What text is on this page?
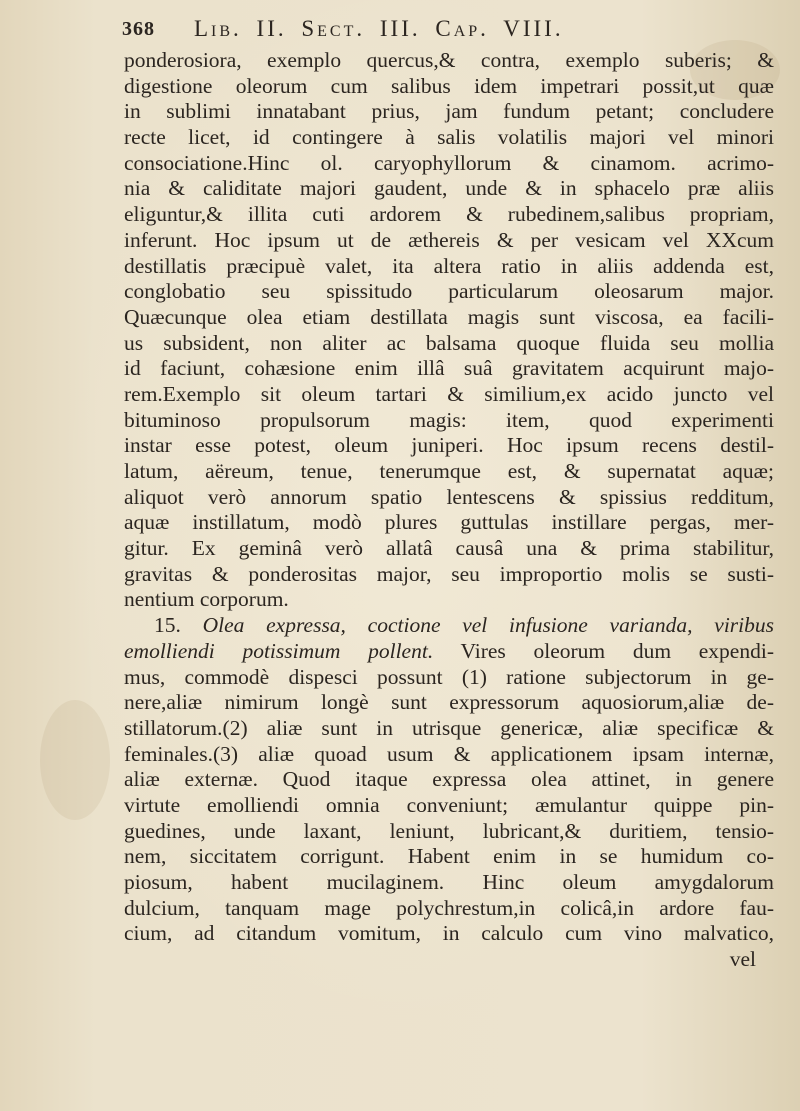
368 Lib. II. Sect. III. Cap. VIII.
ponderosiora, exemplo quercus,& contra, exemplo suberis; &
digestione oleorum cum salibus idem impetrari possit,ut quæ
in sublimi innatabant prius, jam fundum petant; concludere
recte licet, id contingere à salis volatilis majori vel minori
consociatione.Hinc ol. caryophyllorum & cinamom. acrimo-
nia & caliditate majori gaudent, unde & in sphacelo præ aliis
eliguntur,& illita cuti ardorem & rubedinem,salibus propriam,
inferunt. Hoc ipsum ut de æthereis & per vesicam vel XXcum
destillatis præcipuè valet, ita altera ratio in aliis addenda est,
conglobatio seu spissitudo particularum oleosarum major.
Quæcunque olea etiam destillata magis sunt viscosa, ea facili-
us subsident, non aliter ac balsama quoque fluida seu mollia
id faciunt, cohæsione enim illâ suâ gravitatem acquirunt majo-
rem.Exemplo sit oleum tartari & similium,ex acido juncto vel
bituminoso propulsorum magis: item, quod experimenti
instar esse potest, oleum juniperi. Hoc ipsum recens destil-
latum, aëreum, tenue, tenerumque est, & supernatat aquæ;
aliquot verò annorum spatio lentescens & spissius redditum,
aquæ instillatum, modò plures guttulas instillare pergas, mer-
gitur. Ex geminâ verò allatâ causâ una & prima stabilitur,
gravitas & ponderositas major, seu improportio molis se susti-
nentium corporum.
15. Olea expressa, coctione vel infusione varianda, viribus
emolliendi potissimum pollent. Vires oleorum dum expendi-
mus, commodè dispesci possunt (1) ratione subjectorum in ge-
nere,aliæ nimirum longè sunt expressorum aquosiorum,aliæ de-
stillatorum.(2) aliæ sunt in utrisque genericæ, aliæ specificæ &
feminales.(3) aliæ quoad usum & applicationem ipsam internæ,
aliæ externæ. Quod itaque expressa olea attinet, in genere
virtute emolliendi omnia conveniunt; æmulantur quippe pin-
guedines, unde laxant, leniunt, lubricant,& duritiem, tensio-
nem, siccitatem corrigunt. Habent enim in se humidum co-
piosum, habent mucilaginem. Hinc oleum amygdalorum
dulcium, tanquam mage polychrestum,in colicâ,in ardore fau-
cium, ad citandum vomitum, in calculo cum vino malvatico,
vel
